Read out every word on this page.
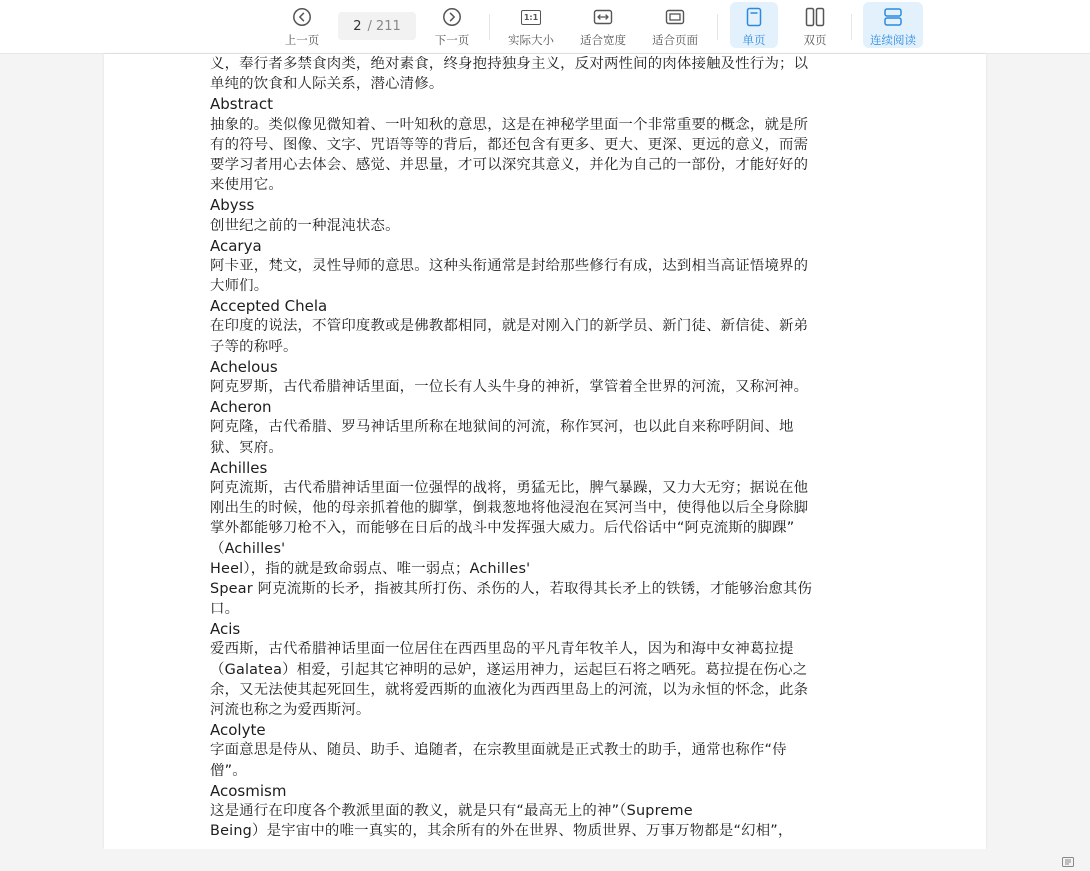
上一页
2 / 211
下一页
1:1
实际大小 适合宽度 适合页面	单页	双页	连续阅读
义，奉行者多禁食肉类，绝对素食，终身抱持独身主义，反对两性间的肉体接触及性行为；以
单纯的饮食和人际关系，潜心清修。
Abstract
抽象的。类似像见微知着、一叶知秋的意思，这是在神秘学里面一个非常重要的概念，就是所
有的符号、图像、文字、咒语等等的背后，都还包含有更多、更大、更深、更远的意义，而需
要学习者用心去体会、感觉、并思量，才可以深究其意义，并化为自己的一部份，才能好好的
来使用它。
Abyss
创世纪之前的一种混沌状态。
Acarya
阿卡亚，梵文，灵性导师的意思。这种头衔通常是封给那些修行有成，达到相当高证悟境界的
大师们。
Accepted Chela
在印度的说法，不管印度教或是佛教都相同，就是对刚入门的新学员、新门徒、新信徒、新弟
子等的称呼。
Achelous
阿克罗斯，古代希腊神话里面，一位长有人头牛身的神祈，掌管着全世界的河流，又称河神。
Acheron
阿克隆，古代希腊、罗马神话里所称在地狱间的河流，称作冥河，也以此自来称呼阴间、地
狱、冥府。
Achilles
阿克流斯，古代希腊神话里面一位强悍的战将，勇猛无比，脾气暴躁，又力大无穷；据说在他
刚出生的时候，他的母亲抓着他的脚掌，倒栽葱地将他浸泡在冥河当中，使得他以后全身除脚
掌外都能够刀枪不入，而能够在日后的战斗中发挥强大威力。后代俗话中“阿克流斯的脚踝”
（Achilles'
Heel），指的就是致命弱点、唯一弱点；Achilles'
Spear 阿克流斯的长矛，指被其所打伤、杀伤的人，若取得其长矛上的铁锈，才能够治愈其伤
口。
Acis
爱西斯，古代希腊神话里面一位居住在西西里岛的平凡青年牧羊人，因为和海中女神葛拉提
（Galatea）相爱，引起其它神明的忌妒，遂运用神力，运起巨石将之哂死。葛拉提在伤心之
余，又无法使其起死回生，就将爱西斯的血液化为西西里岛上的河流，以为永恒的怀念，此条
河流也称之为爱西斯河。
Acolyte
字面意思是侍从、随员、助手、追随者，在宗教里面就是正式教士的助手，通常也称作“侍
僧”。
Acosmism
这是通行在印度各个教派里面的教义，就是只有“最高无上的神”（Supreme
Being）是宇宙中的唯一真实的，其余所有的外在世界、物质世界、万事万物都是“幻相”，
